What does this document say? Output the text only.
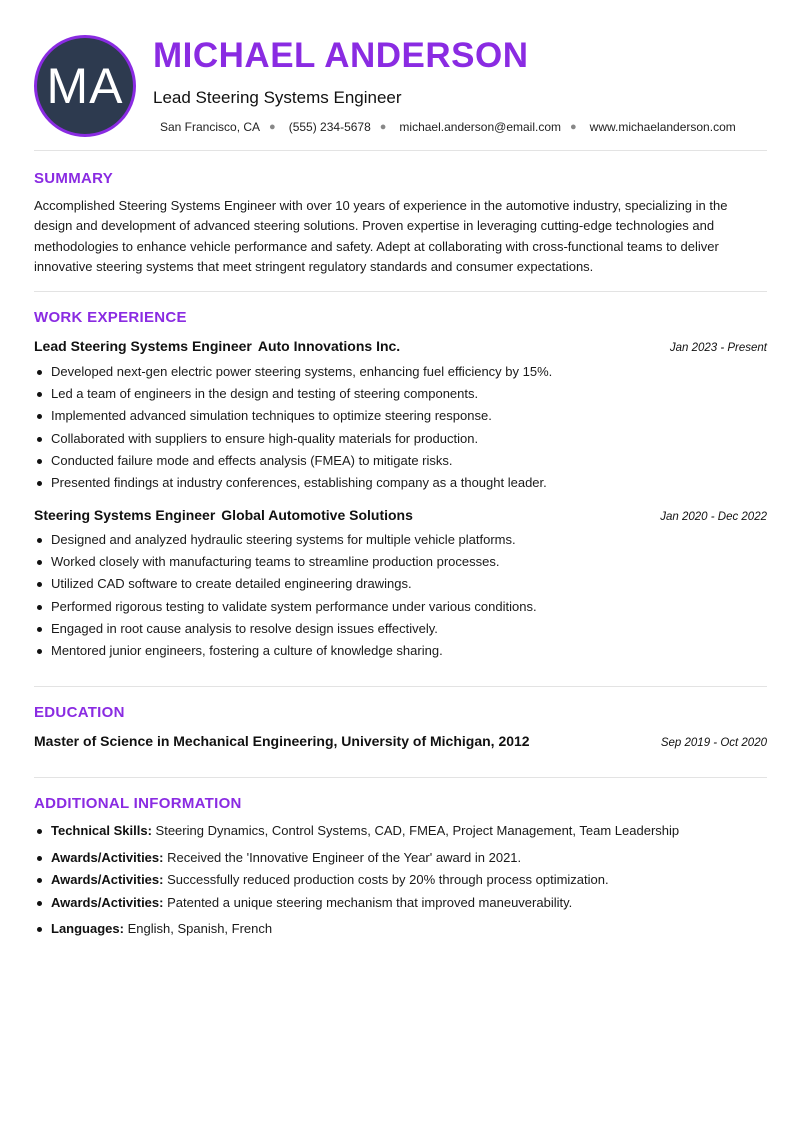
MA
MICHAEL ANDERSON
Lead Steering Systems Engineer
San Francisco, CA ● (555) 234-5678 ● michael.anderson@email.com ● www.michaelanderson.com
SUMMARY

Accomplished Steering Systems Engineer with over 10 years of experience in the automotive industry, specializing in the design and development of advanced steering solutions. Proven expertise in leveraging cutting-edge technologies and methodologies to enhance vehicle performance and safety. Adept at collaborating with cross-functional teams to deliver innovative steering systems that meet stringent regulatory standards and consumer expectations.

WORK EXPERIENCE
Lead Steering Systems Engineer Auto Innovations Inc.	Jan 2023 - Present
Developed next-gen electric power steering systems, enhancing fuel efficiency by 15%.
Led a team of engineers in the design and testing of steering components.
Implemented advanced simulation techniques to optimize steering response.
Collaborated with suppliers to ensure high-quality materials for production.
Conducted failure mode and effects analysis (FMEA) to mitigate risks.
Presented findings at industry conferences, establishing company as a thought leader.
Steering Systems Engineer Global Automotive Solutions	Jan 2020 - Dec 2022
Designed and analyzed hydraulic steering systems for multiple vehicle platforms.
Worked closely with manufacturing teams to streamline production processes.
Utilized CAD software to create detailed engineering drawings.
Performed rigorous testing to validate system performance under various conditions.
Engaged in root cause analysis to resolve design issues effectively.
Mentored junior engineers, fostering a culture of knowledge sharing.
EDUCATION
Master of Science in Mechanical Engineering, University of Michigan, 2012	Sep 2019 - Oct 2020
ADDITIONAL INFORMATION
Technical Skills: Steering Dynamics, Control Systems, CAD, FMEA, Project Management, Team Leadership
Awards/Activities: Received the 'Innovative Engineer of the Year' award in 2021.
Awards/Activities: Successfully reduced production costs by 20% through process optimization.
Awards/Activities: Patented a unique steering mechanism that improved maneuverability.
Languages: English, Spanish, French
